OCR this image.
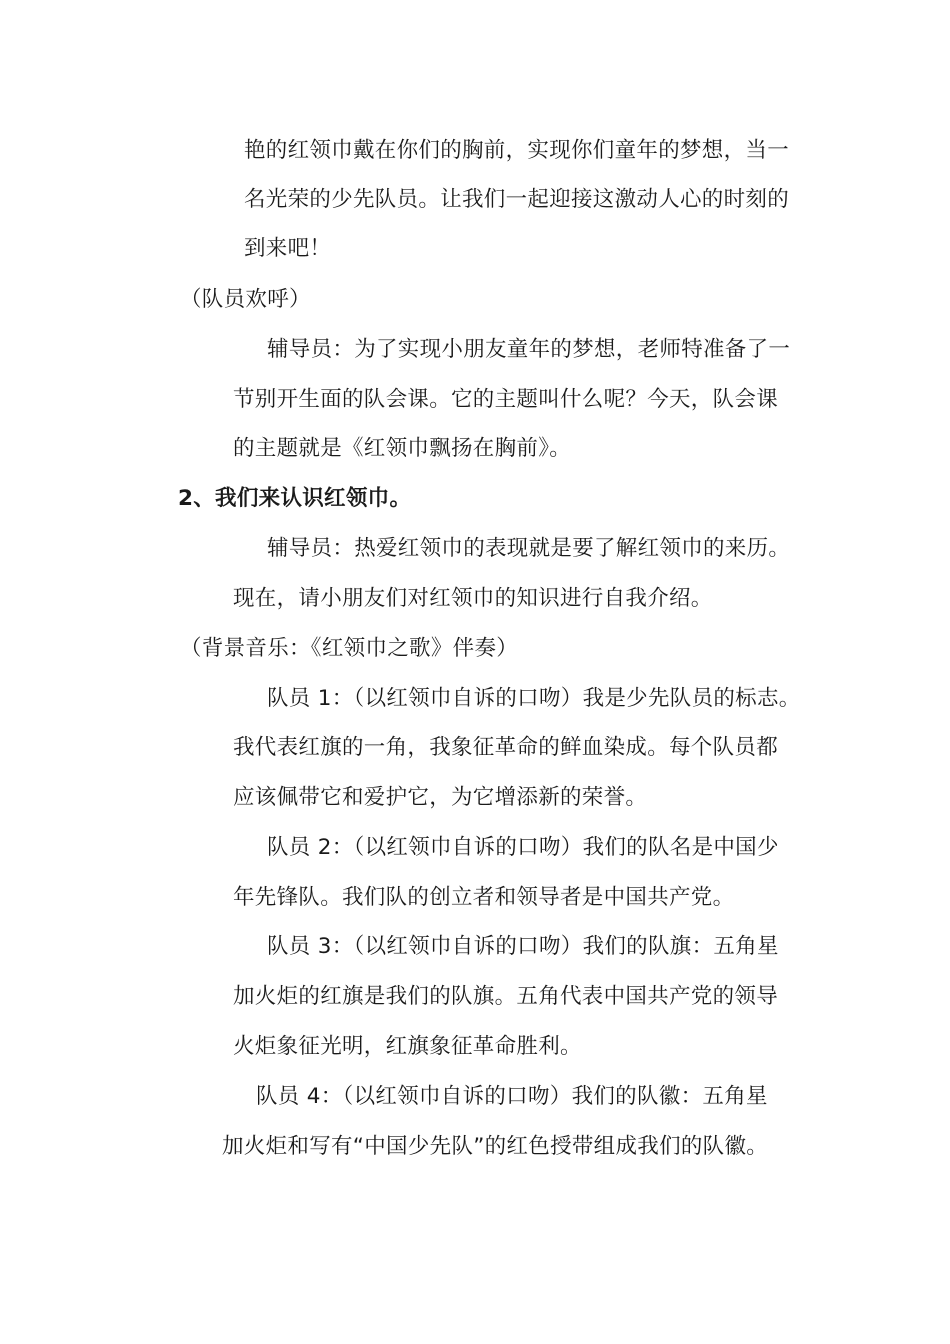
艳的红领巾戴在你们的胸前，实现你们童年的梦想，当一
名光荣的少先队员。让我们一起迎接这激动人心的时刻的
到来吧！
（队员欢呼）
辅导员：为了实现小朋友童年的梦想，老师特准备了一
节别开生面的队会课。它的主题叫什么呢？今天，队会课
的主题就是《红领巾飘扬在胸前》。
2、我们来认识红领巾。
辅导员：热爱红领巾的表现就是要了解红领巾的来历。
现在，请小朋友们对红领巾的知识进行自我介绍。
（背景音乐：《红领巾之歌》伴奏）
队员 1：（以红领巾自诉的口吻）我是少先队员的标志。
我代表红旗的一角，我象征革命的鲜血染成。每个队员都
应该佩带它和爱护它，为它增添新的荣誉。
队员 2：（以红领巾自诉的口吻）我们的队名是中国少
年先锋队。我们队的创立者和领导者是中国共产党。
队员 3：（以红领巾自诉的口吻）我们的队旗：五角星
加火炬的红旗是我们的队旗。五角代表中国共产党的领导
火炬象征光明，红旗象征革命胜利。
队员 4：（以红领巾自诉的口吻）我们的队徽：五角星
加火炬和写有“中国少先队”的红色授带组成我们的队徽。
